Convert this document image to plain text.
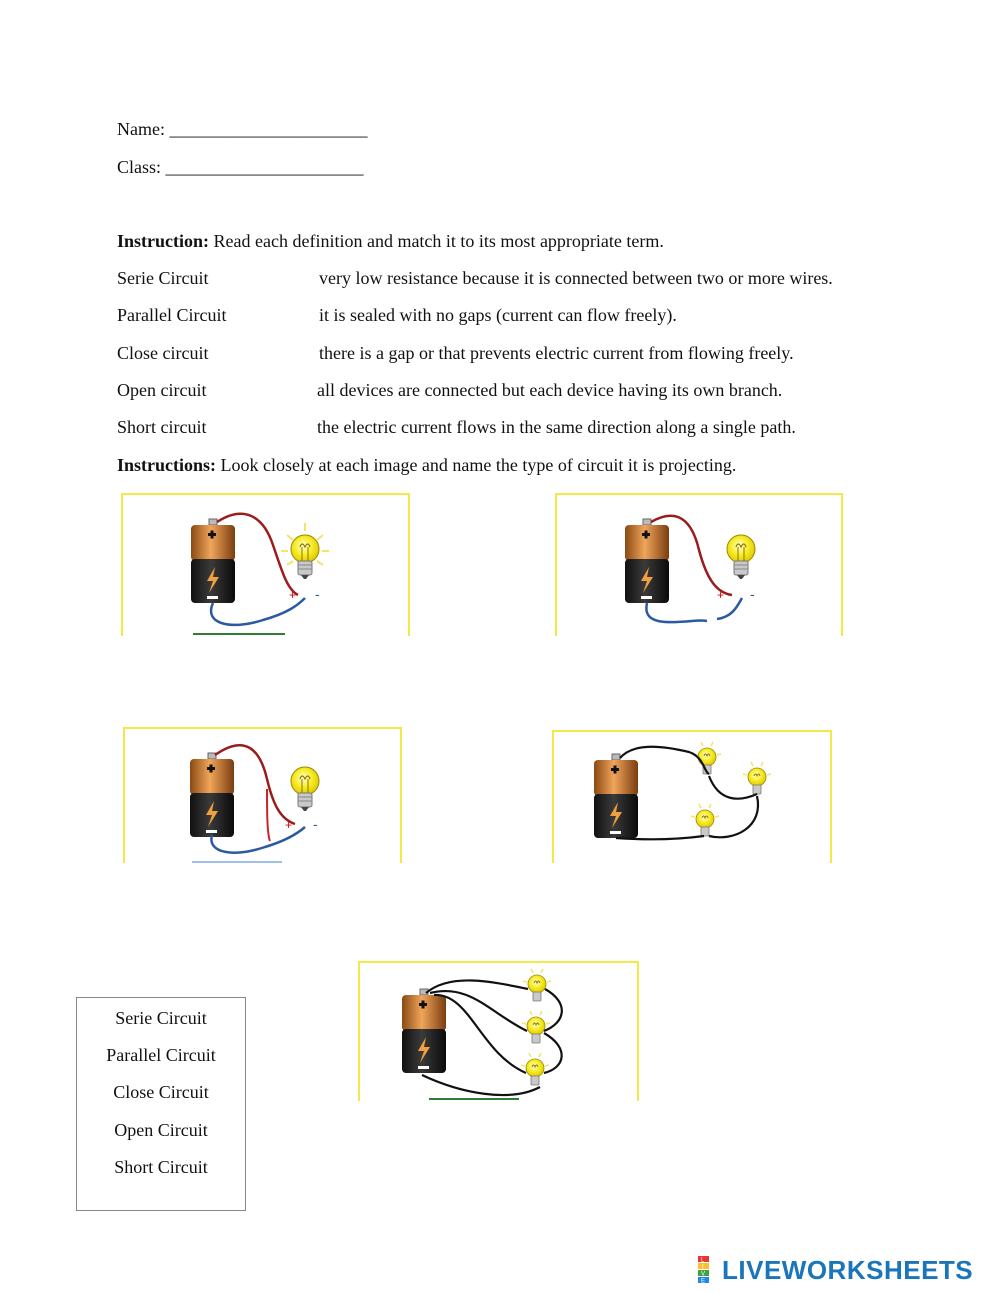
Name: ______________________
Class: ______________________
Instruction: Read each definition and match it to its most appropriate term.
Serie Circuit	very low resistance because it is connected between two or more wires.
Parallel Circuit	it is sealed with no gaps (current can flow freely).
Close circuit	there is a gap or that prevents electric current from flowing freely.
Open circuit	all devices are connected but each device having its own branch.
Short circuit	the electric current flows in the same direction along a single path.
Instructions: Look closely at each image and name the type of circuit it is projecting.
+ -	+ -
+ -
Serie Circuit
Parallel Circuit
Close Circuit
Open Circuit
Short Circuit
L
I
V
E LIVEWORKSHEETS
